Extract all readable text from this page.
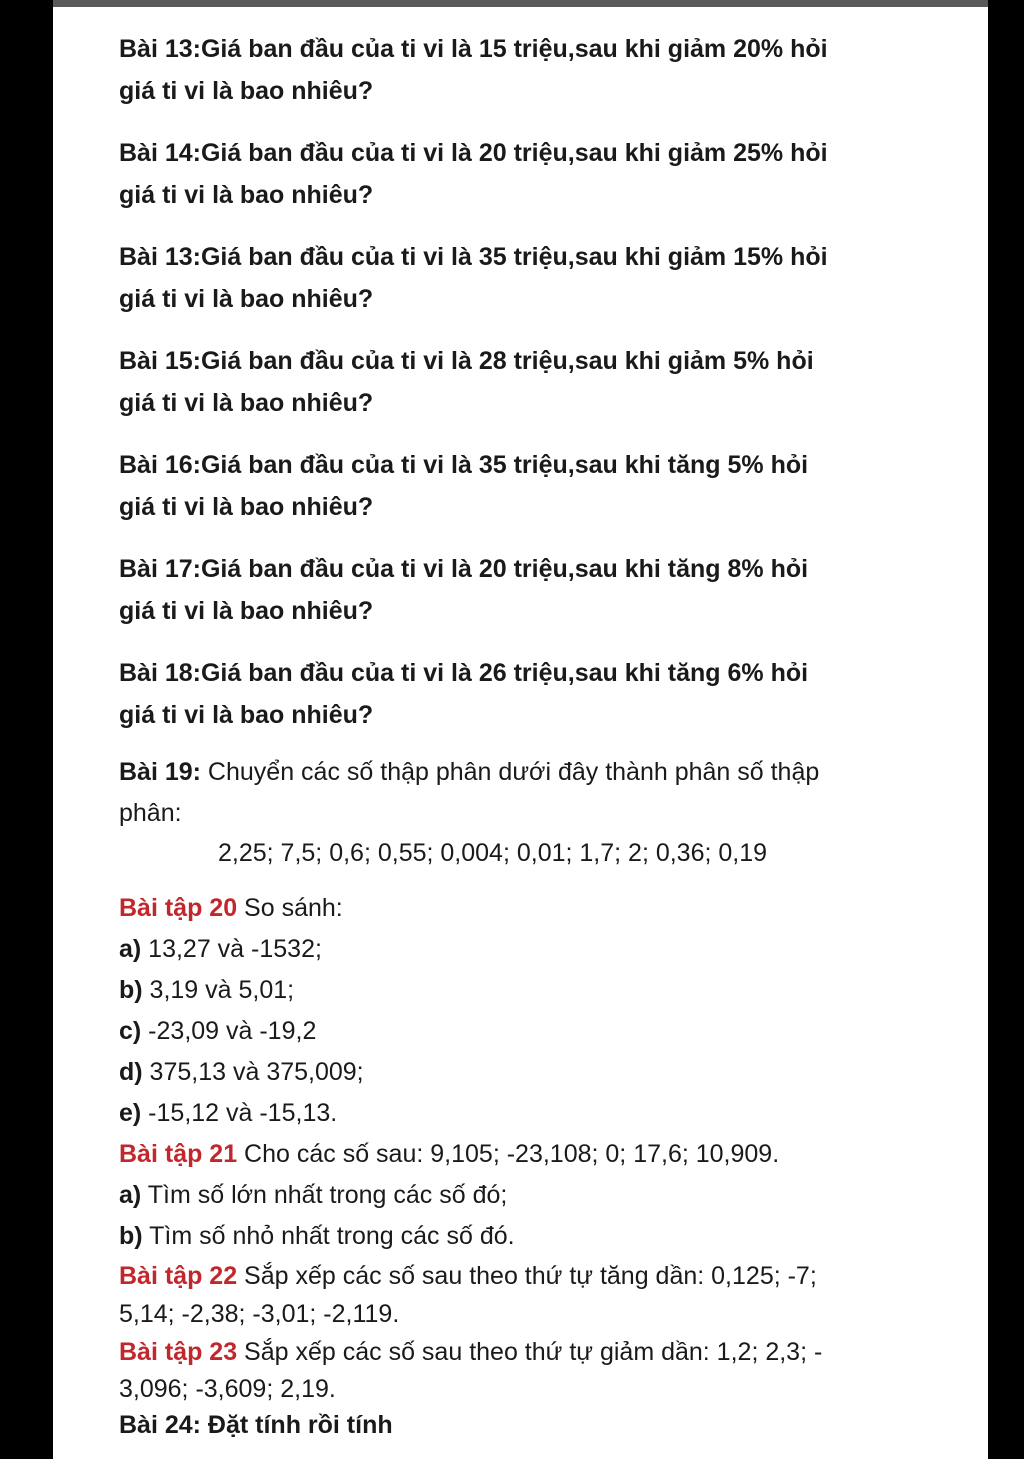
Bài 13:Giá ban đầu của ti vi là 15 triệu,sau khi giảm 20% hỏi
giá ti vi là bao nhiêu?
Bài 14:Giá ban đầu của ti vi là 20 triệu,sau khi giảm 25% hỏi
giá ti vi là bao nhiêu?
Bài 13:Giá ban đầu của ti vi là 35 triệu,sau khi giảm 15% hỏi
giá ti vi là bao nhiêu?
Bài 15:Giá ban đầu của ti vi là 28 triệu,sau khi giảm 5% hỏi
giá ti vi là bao nhiêu?
Bài 16:Giá ban đầu của ti vi là 35 triệu,sau khi tăng 5% hỏi
giá ti vi là bao nhiêu?
Bài 17:Giá ban đầu của ti vi là 20 triệu,sau khi tăng 8% hỏi
giá ti vi là bao nhiêu?
Bài 18:Giá ban đầu của ti vi là 26 triệu,sau khi tăng 6% hỏi
giá ti vi là bao nhiêu?

Bài 19: Chuyển các số thập phân dưới đây thành phân số thập

phân:

2,25; 7,5; 0,6; 0,55; 0,004; 0,01; 1,7; 2; 0,36; 0,19

Bài tập 20 So sánh:

a) 13,27 và -1532;

b) 3,19 và 5,01;

c) -23,09 và -19,2

d) 375,13 và 375,009;

e) -15,12 và -15,13.

Bài tập 21 Cho các số sau: 9,105; -23,108; 0; 17,6; 10,909.

a) Tìm số lớn nhất trong các số đó;

b) Tìm số nhỏ nhất trong các số đó.

Bài tập 22 Sắp xếp các số sau theo thứ tự tăng dần: 0,125; -7;

5,14; -2,38; -3,01; -2,119.

Bài tập 23 Sắp xếp các số sau theo thứ tự giảm dần: 1,2; 2,3; -

3,096; -3,609; 2,19.

Bài 24: Đặt tính rồi tính
